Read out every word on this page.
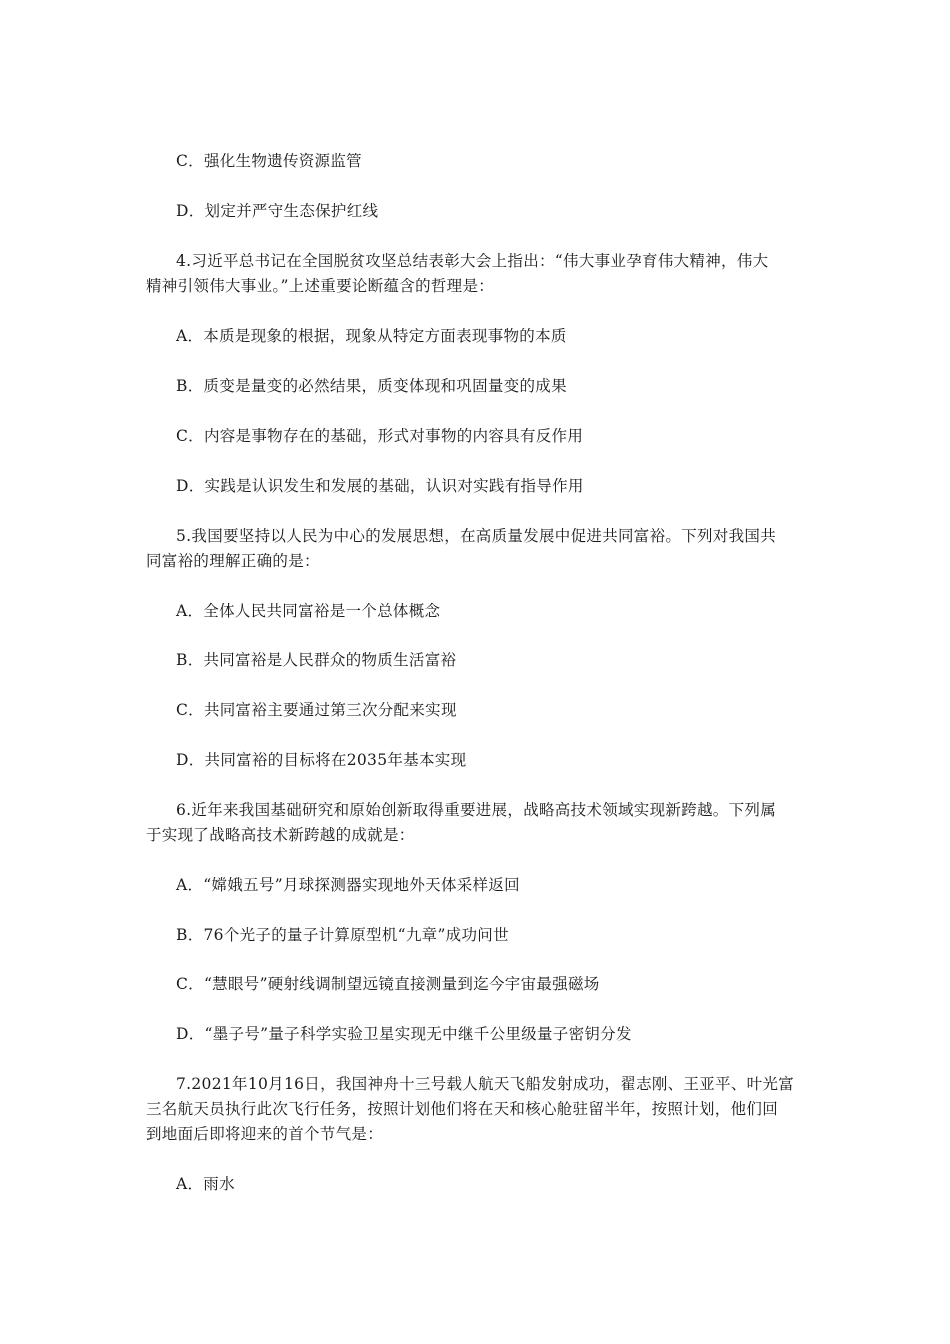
C．强化生物遗传资源监管
D．划定并严守生态保护红线
4.习近平总书记在全国脱贫攻坚总结表彰大会上指出：“伟大事业孕育伟大精神，伟大
精神引领伟大事业。”上述重要论断蕴含的哲理是：
A．本质是现象的根据，现象从特定方面表现事物的本质
B．质变是量变的必然结果，质变体现和巩固量变的成果
C．内容是事物存在的基础，形式对事物的内容具有反作用
D．实践是认识发生和发展的基础，认识对实践有指导作用
5.我国要坚持以人民为中心的发展思想，在高质量发展中促进共同富裕。下列对我国共
同富裕的理解正确的是：
A．全体人民共同富裕是一个总体概念
B．共同富裕是人民群众的物质生活富裕
C．共同富裕主要通过第三次分配来实现
D．共同富裕的目标将在2035年基本实现
6.近年来我国基础研究和原始创新取得重要进展，战略高技术领域实现新跨越。下列属
于实现了战略高技术新跨越的成就是：
A．“嫦娥五号”月球探测器实现地外天体采样返回
B．76个光子的量子计算原型机“九章”成功问世
C．“慧眼号”硬射线调制望远镜直接测量到迄今宇宙最强磁场
D．“墨子号”量子科学实验卫星实现无中继千公里级量子密钥分发
7.2021年10月16日，我国神舟十三号载人航天飞船发射成功，翟志刚、王亚平、叶光富
三名航天员执行此次飞行任务，按照计划他们将在天和核心舱驻留半年，按照计划，他们回
到地面后即将迎来的首个节气是：
A．雨水
